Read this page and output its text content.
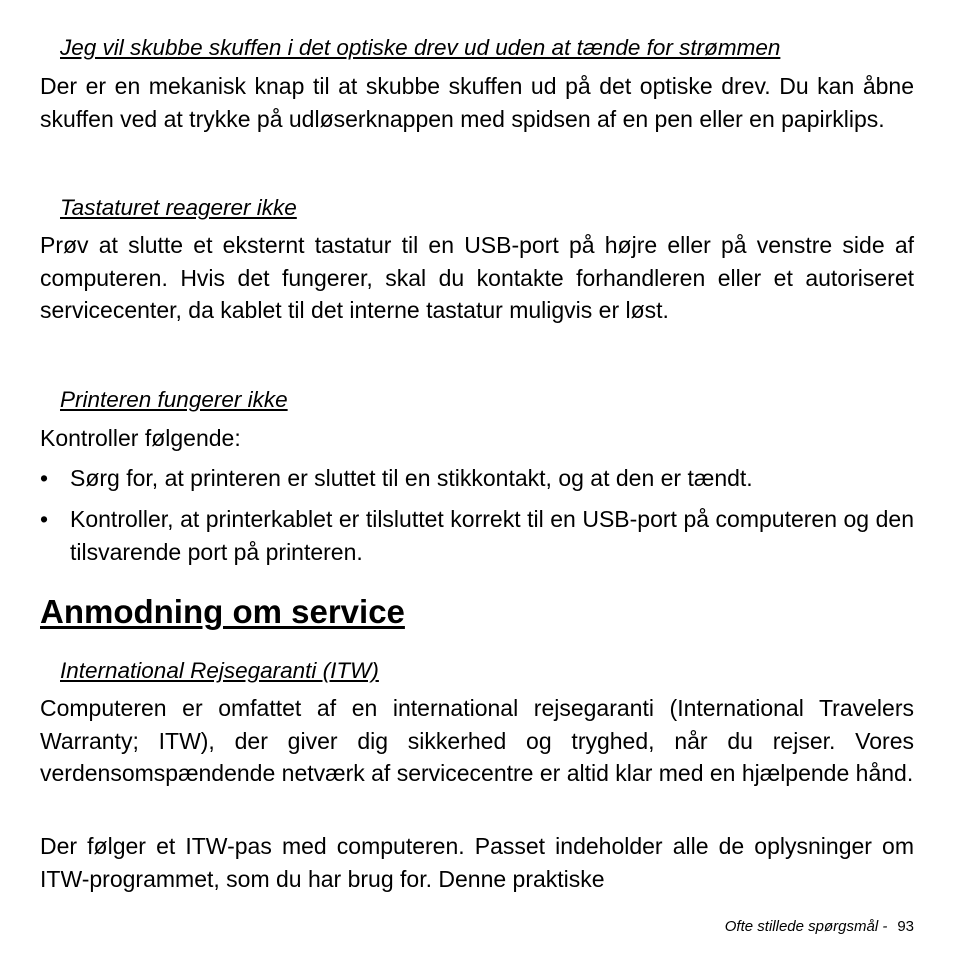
Jeg vil skubbe skuffen i det optiske drev ud uden at tænde for strømmen

Der er en mekanisk knap til at skubbe skuffen ud på det optiske drev. Du kan åbne skuffen ved at trykke på udløserknappen med spidsen af en pen eller en papirklips.

Tastaturet reagerer ikke

Prøv at slutte et eksternt tastatur til en USB-port på højre eller på venstre side af computeren. Hvis det fungerer, skal du kontakte forhandleren eller et autoriseret servicecenter, da kablet til det interne tastatur muligvis er løst.

Printeren fungerer ikke

Kontroller følgende:

• Sørg for, at printeren er sluttet til en stikkontakt, og at den er tændt.
• Kontroller, at printerkablet er tilsluttet korrekt til en USB-port på computeren og den tilsvarende port på printeren.
Anmodning om service

International Rejsegaranti (ITW)

Computeren er omfattet af en international rejsegaranti (International Travelers Warranty; ITW), der giver dig sikkerhed og tryghed, når du rejser. Vores verdensomspændende netværk af servicecentre er altid klar med en hjælpende hånd.

Der følger et ITW-pas med computeren. Passet indeholder alle de oplysninger om ITW-programmet, som du har brug for. Denne praktiske

Ofte stillede spørgsmål - 93
